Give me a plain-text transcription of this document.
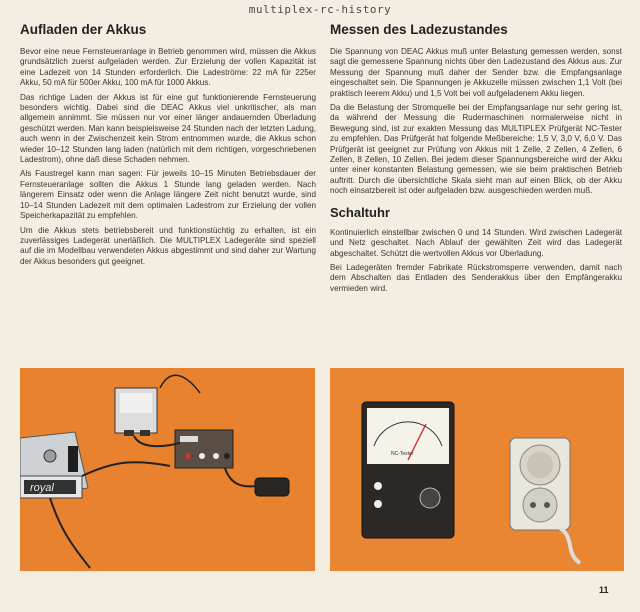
multiplex-rc-history
Aufladen der Akkus

Bevor eine neue Fernsteueranlage in Betrieb genommen wird, müssen die Akkus grundsätzlich zuerst aufgeladen werden. Zur Erzielung der vollen Kapazität ist eine Ladezeit von 14 Stunden erforderlich. Die Ladeströme: 22 mA für 225er Akku, 50 mA für 500er Akku, 100 mA für 1000 Akkus.

Das richtige Laden der Akkus ist für eine gut funktionierende Fernsteuerung besonders wichtig. Dabei sind die DEAC Akkus viel unkritischer, als man allgemein annimmt. Sie müssen nur vor einer länger andauernden Überladung geschützt werden. Man kann beispielsweise 24 Stunden nach der letzten Ladung, auch wenn in der Zwischenzeit kein Strom entnommen wurde, die Akkus schon wieder 10–12 Stunden lang laden (natürlich mit dem richtigen, vorgeschriebenen Ladestrom), ohne daß diese Schaden nehmen.

Als Faustregel kann man sagen: Für jeweils 10–15 Minuten Betriebsdauer der Fernsteueranlage sollten die Akkus 1 Stunde lang geladen werden. Nach längerem Einsatz oder wenn die Anlage längere Zeit nicht benutzt wurde, sind 10–14 Stunden Ladezeit mit dem optimalen Ladestrom zur Erzielung der vollen Speicherkapazität zu empfehlen.

Um die Akkus stets betriebsbereit und funktionstüchtig zu erhalten, ist ein zuverlässiges Ladegerät unerläßlich. Die MULTIPLEX Ladegeräte sind speziell auf die im Modellbau verwendeten Akkus abgestimmt und sind daher zur Wartung der Akkus besonders gut geeignet.

Messen des Ladezustandes

Die Spannung von DEAC Akkus muß unter Belastung gemessen werden, sonst sagt die gemessene Spannung nichts über den Ladezustand des Akkus aus. Zur Messung der Spannung muß daher der Sender bzw. die Empfangsanlage eingeschaltet sein. Die Spannungen je Akkuzelle müssen zwischen 1,1 Volt (bei praktisch leerem Akku) und 1,5 Volt bei voll aufgeladenem Akku liegen.

Da die Belastung der Stromquelle bei der Empfangsanlage nur sehr gering ist, da während der Messung die Rudermaschinen normalerweise nicht in Bewegung sind, ist zur exakten Messung das MULTIPLEX Prüfgerät NC-Tester zu empfehlen. Das Prüfgerät hat folgende Meßbereiche: 1,5 V, 3,0 V, 6,0 V. Das Prüfgerät ist geeignet zur Prüfung von Akkus mit 1 Zelle, 2 Zellen, 4 Zellen, 6 Zellen, 8 Zellen, 10 Zellen. Bei jedem dieser Spannungsbereiche wird der Akku unter einer konstanten Belastung gemessen, wie sie beim praktischen Betrieb auftritt. Durch die übersichtliche Skala sieht man auf einen Blick, ob der Akku noch einsatzbereit ist oder aufgeladen bzw. ausgeschieden werden muß.

Schaltuhr

Kontinuierlich einstellbar zwischen 0 und 14 Stunden. Wird zwischen Ladegerät und Netz geschaltet. Nach Ablauf der gewählten Zeit wird das Ladegerät abgeschaltet. Schützt die wertvollen Akkus vor Überladung.

Bei Ladegeräten fremder Fabrikate Rückstromsperre verwenden, damit nach dem Abschalten das Entladen des Senderakkus über den Empfängerakku vermieden wird.

royal
NC-Tester
11
